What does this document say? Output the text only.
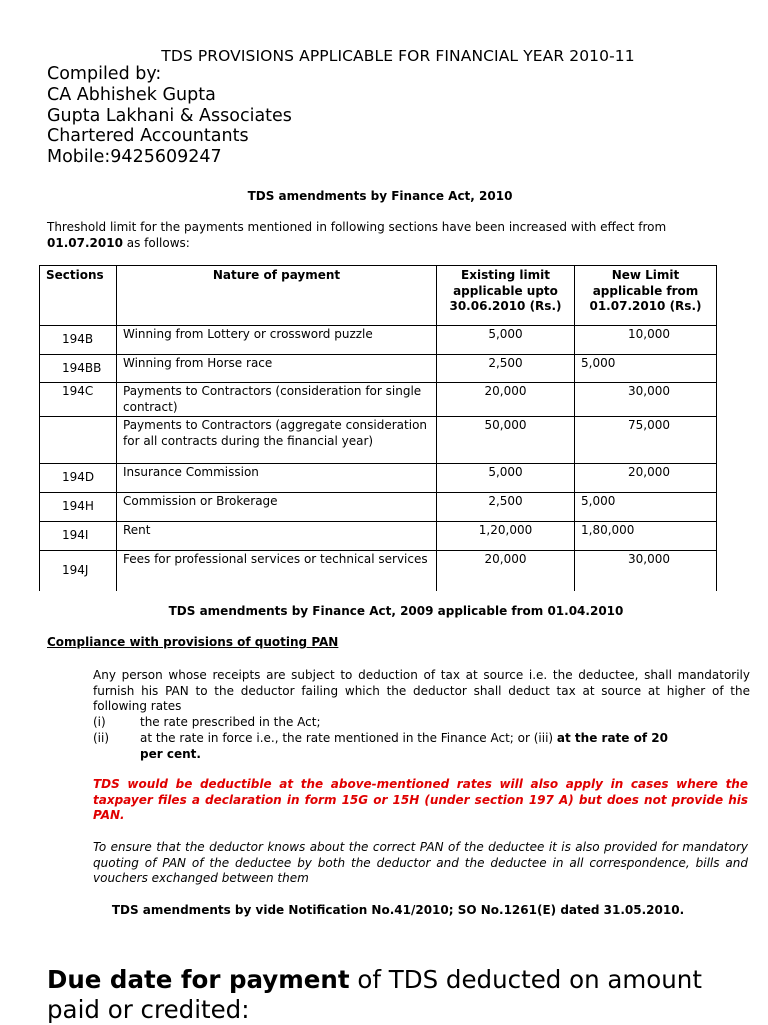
TDS PROVISIONS APPLICABLE FOR FINANCIAL YEAR 2010-11
Compiled by:
CA Abhishek Gupta
Gupta Lakhani & Associates
Chartered Accountants
Mobile:9425609247
TDS amendments by Finance Act, 2010
Threshold limit for the payments mentioned in following sections have been increased with effect from
01.07.2010 as follows:
Sections	Nature of payment	Existing limit applicable upto 30.06.2010 (Rs.)	New Limit applicable from 01.07.2010 (Rs.)
194B	Winning from Lottery or crossword puzzle	5,000	10,000
194BB	Winning from Horse race	2,500	5,000
194C	Payments to Contractors (consideration for single contract)	20,000	30,000
	Payments to Contractors (aggregate consideration for all contracts during the financial year)	50,000	75,000
194D	Insurance Commission	5,000	20,000
194H	Commission or Brokerage	2,500	5,000
194I	Rent	1,20,000	1,80,000
194J	Fees for professional services or technical services	20,000	30,000
TDS amendments by Finance Act, 2009 applicable from 01.04.2010
Compliance with provisions of quoting PAN
Any person whose receipts are subject to deduction of tax at source i.e. the deductee, shall mandatorily furnish his PAN to the deductor failing which the deductor shall deduct tax at source at higher of the following rates
(i)	the rate prescribed in the Act;
(ii)	at the rate in force i.e., the rate mentioned in the Finance Act; or (iii) at the rate of 20
per cent.
TDS would be deductible at the above-mentioned rates will also apply in cases where the taxpayer files a declaration in form 15G or 15H (under section 197 A) but does not provide his PAN.
To ensure that the deductor knows about the correct PAN of the deductee it is also provided for mandatory quoting of PAN of the deductee by both the deductor and the deductee in all correspondence, bills and vouchers exchanged between them
TDS amendments by vide Notification No.41/2010; SO No.1261(E) dated 31.05.2010.
Due date for payment of TDS deducted on amount paid or credited:
